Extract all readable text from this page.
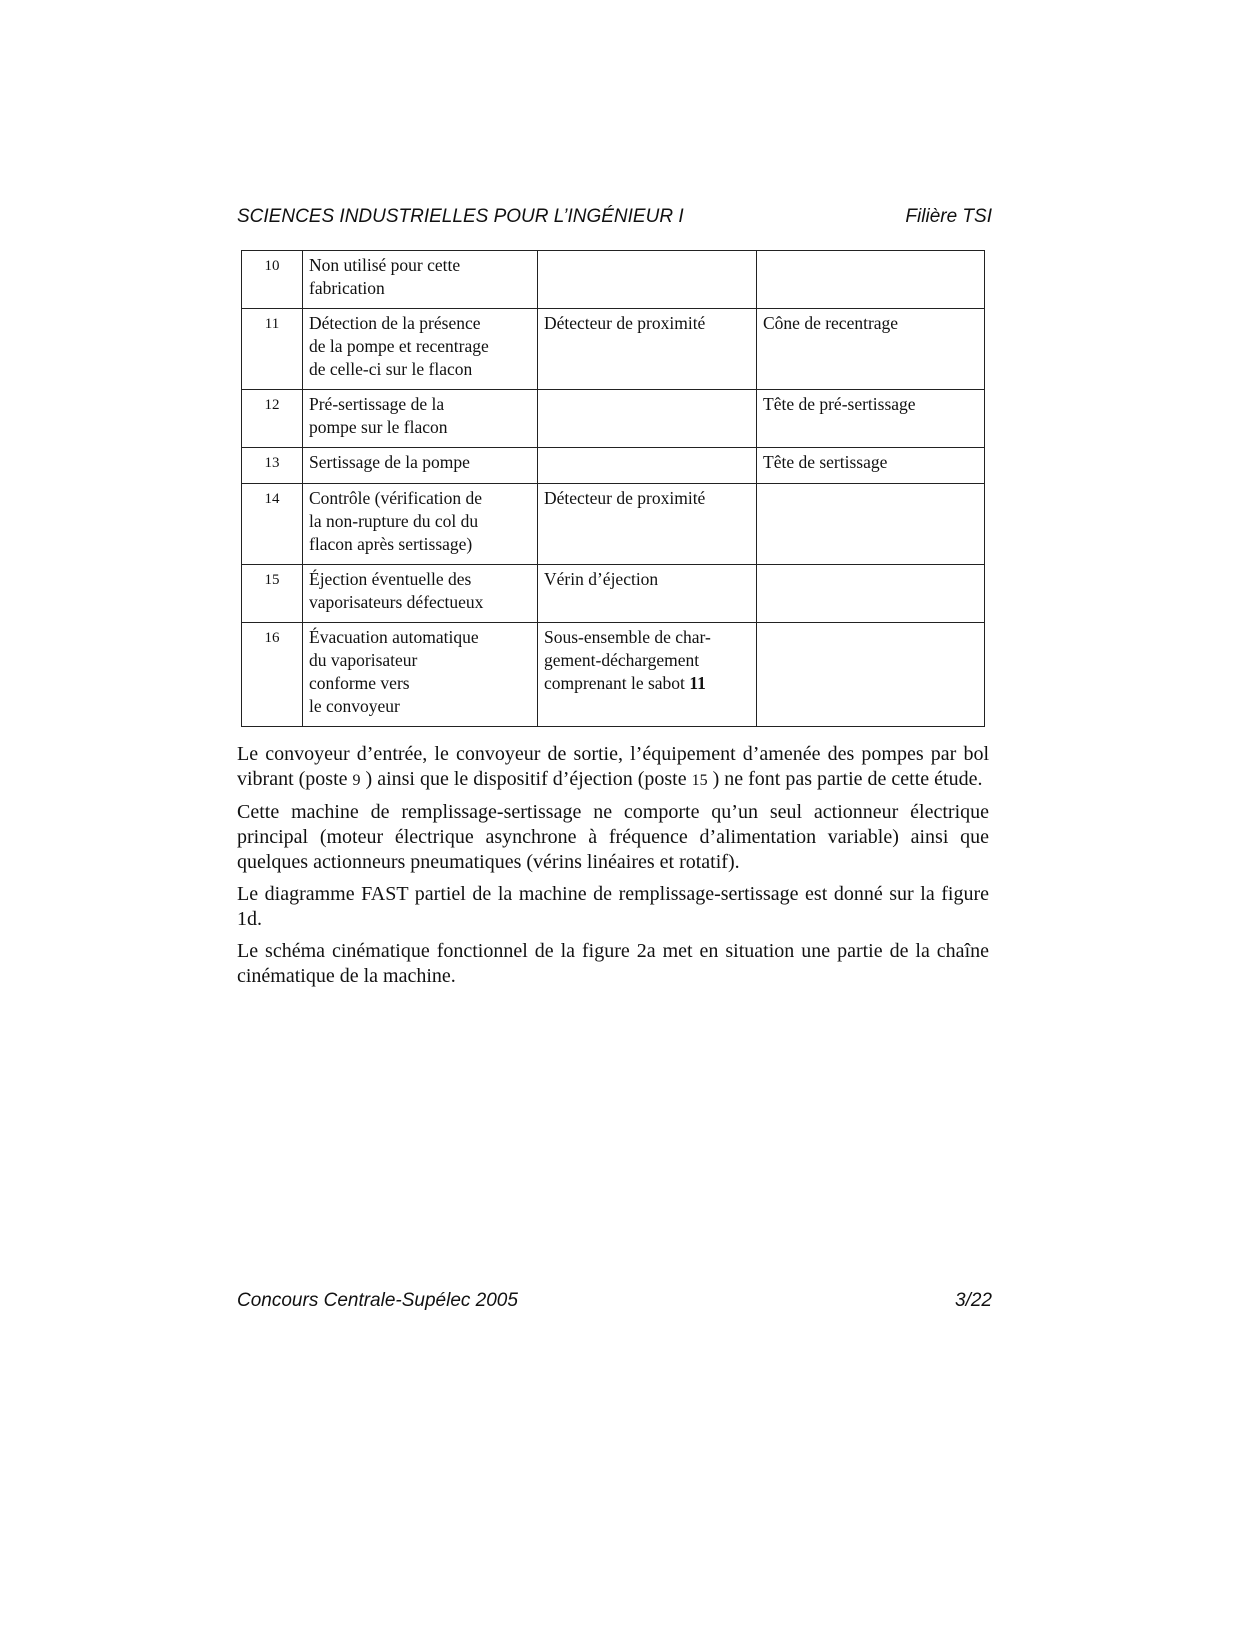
SCIENCES INDUSTRIELLES POUR L’INGÉNIEUR I	Filière TSI
10	Non utilisé pour cette
fabrication		
11	Détection de la présence
de la pompe et recentrage
de celle-ci sur le flacon	Détecteur de proximité	Cône de recentrage
12	Pré-sertissage de la
pompe sur le flacon		Tête de pré-sertissage
13	Sertissage de la pompe		Tête de sertissage
14	Contrôle (vérification de
la non-rupture du col du
flacon après sertissage)	Détecteur de proximité	
15	Éjection éventuelle des
vaporisateurs défectueux	Vérin d’éjection	
16	Évacuation automatique
du vaporisateur
conforme vers
le convoyeur	Sous-ensemble de char-
gement-déchargement
comprenant le sabot 11	

Le convoyeur d’entrée, le convoyeur de sortie, l’équipement d’amenée des pompes par bol vibrant (poste 9 ) ainsi que le dispositif d’éjection (poste 15 ) ne font pas partie de cette étude.

Cette machine de remplissage-sertissage ne comporte qu’un seul actionneur électrique principal (moteur électrique asynchrone à fréquence d’alimentation variable) ainsi que quelques actionneurs pneumatiques (vérins linéaires et rotatif).

Le diagramme FAST partiel de la machine de remplissage-sertissage est donné sur la figure 1d.

Le schéma cinématique fonctionnel de la figure 2a met en situation une partie de la chaîne cinématique de la machine.

Concours Centrale-Supélec 2005	3/22
